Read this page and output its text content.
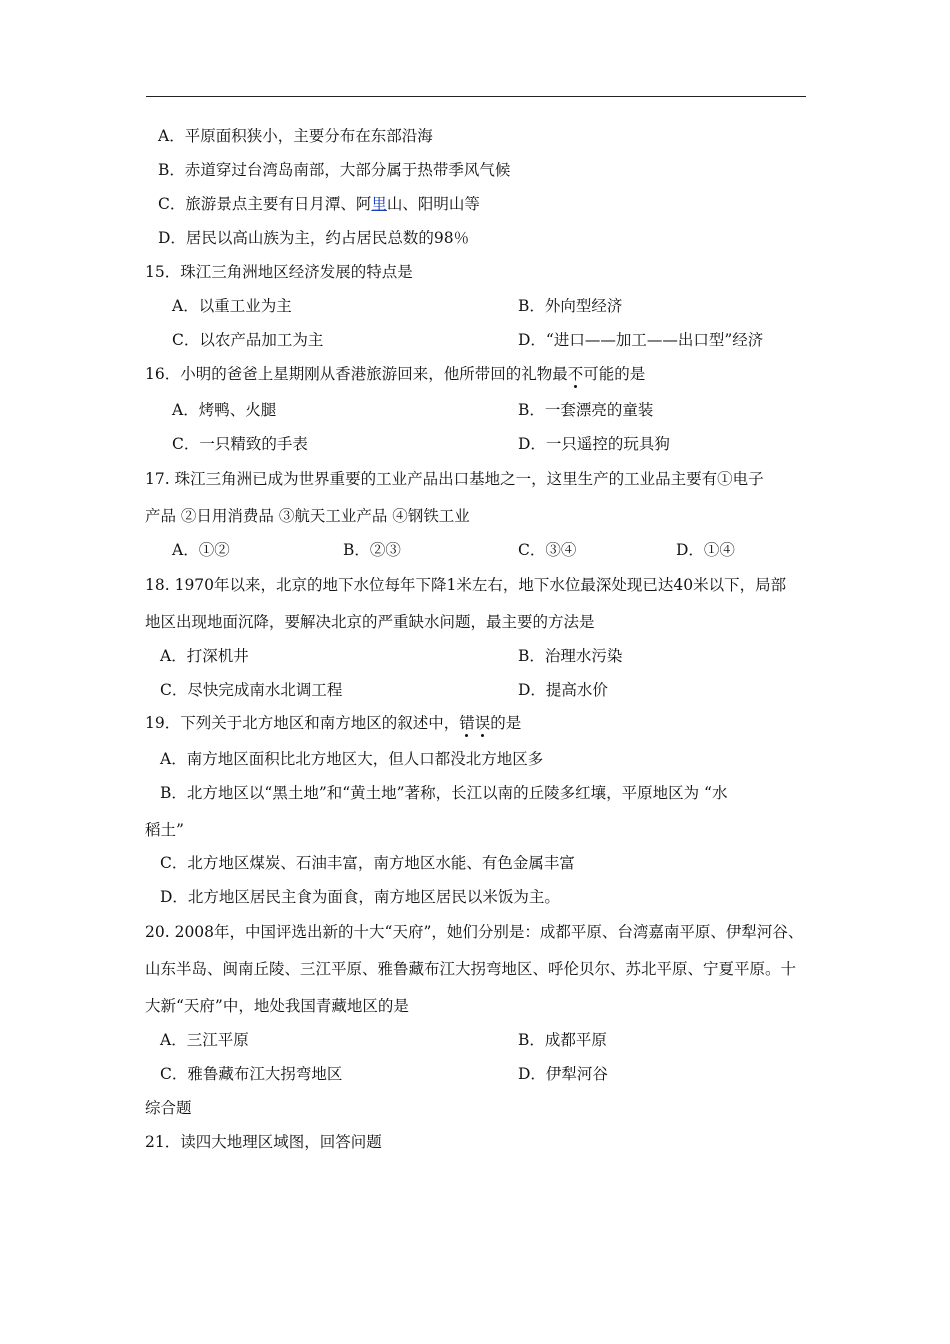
A．平原面积狭小，主要分布在东部沿海
B．赤道穿过台湾岛南部，大部分属于热带季风气候
C．旅游景点主要有日月潭、阿里山、阳明山等
D．居民以高山族为主，约占居民总数的98％
15．珠江三角洲地区经济发展的特点是
A．以重工业为主	B．外向型经济
C．以农产品加工为主	D．“进口——加工——出口型”经济
16．小明的爸爸上星期刚从香港旅游回来，他所带回的礼物最不可能的是
A．烤鸭、火腿	B．一套漂亮的童装
C．一只精致的手表	D．一只遥控的玩具狗
17. 珠江三角洲已成为世界重要的工业产品出口基地之一，这里生产的工业品主要有①电子
产品 ②日用消费品 ③航天工业产品 ④钢铁工业
A．①②	B．②③	C．③④	D．①④
18. 1970年以来，北京的地下水位每年下降1米左右，地下水位最深处现已达40米以下，局部
地区出现地面沉降，要解决北京的严重缺水问题，最主要的方法是
A．打深机井	B．治理水污染
C．尽快完成南水北调工程	D．提高水价
19．下列关于北方地区和南方地区的叙述中，错误的是
A．南方地区面积比北方地区大，但人口都没北方地区多
B．北方地区以“黑土地”和“黄土地”著称，长江以南的丘陵多红壤，平原地区为 “水
稻土”
C．北方地区煤炭、石油丰富，南方地区水能、有色金属丰富
D．北方地区居民主食为面食，南方地区居民以米饭为主。
20. 2008年，中国评选出新的十大“天府”，她们分别是：成都平原、台湾嘉南平原、伊犁河谷、
山东半岛、闽南丘陵、三江平原、雅鲁藏布江大拐弯地区、呼伦贝尔、苏北平原、宁夏平原。十
大新“天府”中，地处我国青藏地区的是
A．三江平原	B．成都平原
C．雅鲁藏布江大拐弯地区	D．伊犁河谷
综合题
21．读四大地理区域图，回答问题
